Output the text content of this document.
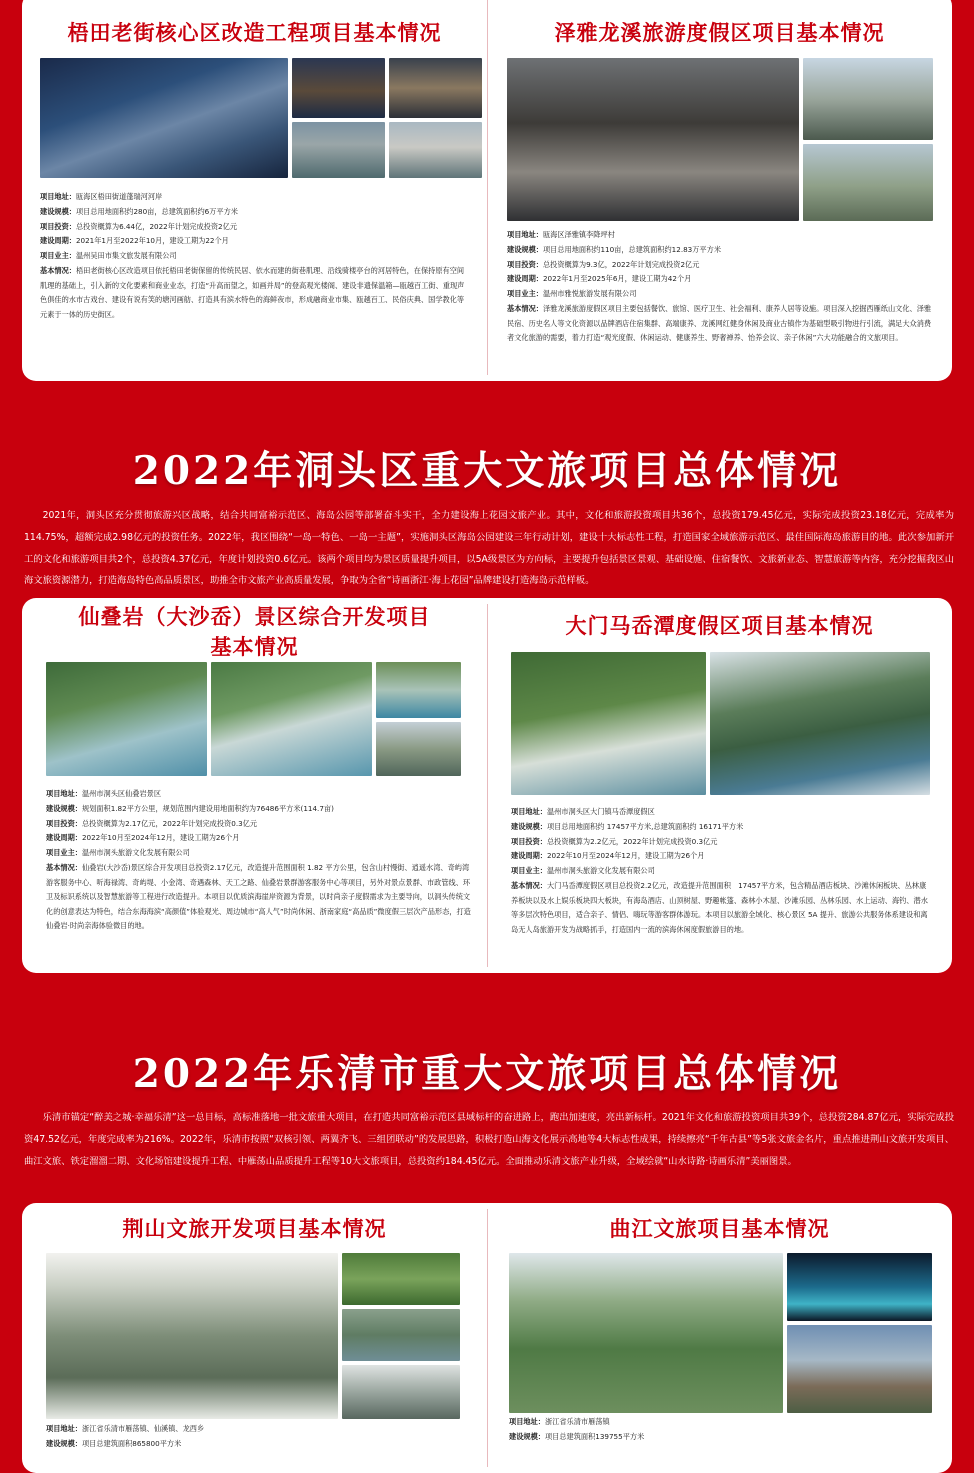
梧田老街核心区改造工程项目基本情况
项目地址：瓯海区梧田街道蓬瑞河河岸
建设规模：项目总用地面积约280亩，总建筑面积约6万平方米
项目投资：总投资概算为6.44亿，2022年计划完成投资2亿元
建设周期：2021年1月至2022年10月，建设工期为22个月
项目业主：温州吴田市集文旅发展有限公司
基本情况：梧田老街核心区改造项目依托梧田老街保留的传统民居、依水而建的街巷肌理、沿线骑楼亭台的河居特色，在保持原有空间肌理的基础上，引入新的文化要素和商业业态，打造“升高而望之，如画并局”的登高观光楼阁、建设非遗保温箱—瓯越百工街、重现声色俱佳的水市古戏台、建设有说有笑的塘河画舫、打造具有滨水特色的海鲜夜市，形成融商业市集、瓯越百工、民俗庆典、国学教化等元素于一体的历史街区。
泽雅龙溪旅游度假区项目基本情况
项目地址：瓯海区泽雅镇李降坪村
建设规模：项目总用地面积约110亩，总建筑面积约12.83万平方米
项目投资：总投资概算为9.3亿，2022年计划完成投资2亿元
建设周期：2022年1月至2025年6月，建设工期为42个月
项目业主：温州市雅悦旅游发展有限公司
基本情况：泽雅龙溪旅游度假区项目主要包括餐饮、旅馆、医疗卫生、社会福利、康养人居等设施。项目深入挖掘西雁纸山文化、泽雅民宿、历史名人等文化资源以品牌酒店住宿集群、高端康养、龙溪网红健身休闲及商业古镇作为基础型吸引物进行引流，满足大众消费者文化旅游的需要，着力打造“观光度假、休闲运动、健康养生、野奢禅养、怡养会议、亲子休闲”六大功能融合的文旅项目。
2022年洞头区重大文旅项目总体情况
2021年，洞头区充分贯彻旅游兴区战略，结合共同富裕示范区、海岛公园等部署奋斗实干，全力建设海上花园文旅产业。其中，文化和旅游投资项目共36个，总投资179.45亿元，实际完成投资23.18亿元，完成率为114.75%，超额完成2.98亿元的投资任务。2022年，我区围绕“一岛一特色、一岛一主题”，实施洞头区海岛公园建设三年行动计划，建设十大标志性工程，打造国家全域旅游示范区、最佳国际海岛旅游目的地。此次参加新开工的文化和旅游项目共2个，总投资4.37亿元，年度计划投资0.6亿元。该两个项目均为景区质量提升项目，以5A级景区为方向标，主要提升包括景区景观、基础设施、住宿餐饮、文旅新业态、智慧旅游等内容，充分挖掘我区山海文旅资源潜力，打造海岛特色高品质景区，助推全市文旅产业高质量发展，争取为全省“诗画浙江·海上花园”品牌建设打造海岛示范样板。
仙叠岩（大沙岙）景区综合开发项目
基本情况
项目地址：温州市洞头区仙叠岩景区
建设规模：规划面积1.82平方公里，规划范围内建设用地面积约为76486平方米(114.7亩)
项目投资：总投资概算为2.17亿元，2022年计划完成投资0.3亿元
建设周期：2022年10月至2024年12月，建设工期为26个月
项目业主：温州市洞头旅游文化发展有限公司
基本情况：仙叠岩(大沙岙)景区综合开发项目总投资2.17亿元，改造提升范围面积 1.82 平方公里，包含山村慢街、逍遥水湾、奇屿湾游客服务中心、听海禄湾、奇屿堤、小金湾、奇遇森林、天工之路、仙叠岩景群游客服务中心等项目，另外对景点景群、市政管线、环卫及标识系统以及智慧旅游等工程进行改造提升。本项目以优质滨海崖岸资源为背景，以时尚亲子度假需求为主要导向，以洞头传统文化的创意表达为特色，结合东海海滨“高颜值”体验观光、周边城市“高人气”时尚休闲、浙南家庭“高品质”微度假三层次产品形态，打造仙叠岩·时尚亲海体验微目的地。
大门马岙潭度假区项目基本情况
项目地址：温州市洞头区大门镇马岙潭度假区
建设规模：项目总用地面积约 17457平方米,总建筑面积约 16171平方米
项目投资：总投资概算为2.2亿元，2022年计划完成投资0.3亿元
建设周期：2022年10月至2024年12月，建设工期为26个月
项目业主：温州市洞头旅游文化发展有限公司
基本情况：大门马岙潭度假区项目总投资2.2亿元，改造提升范围面积　17457平方米，包含精品酒店板块、沙滩休闲板块、丛林康养板块以及水上娱乐板块四大板块，有海岛酒店、山顶树屋、野趣帐篷、森林小木屋、沙滩乐园、丛林乐园、水上运动、海钓、潜水等多层次特色项目，适合亲子、情侣、嗨玩等游客群体游玩。本项目以旅游全域化、核心景区 5A 提升、旅游公共服务体系建设和离岛无人岛旅游开发为战略抓手，打造国内一流的滨海休闲度假旅游目的地。
2022年乐清市重大文旅项目总体情况
乐清市锚定“醉美之城·幸福乐清”这一总目标，高标准落地一批文旅重大项目，在打造共同富裕示范区县域标杆的奋进路上，跑出加速度，亮出新标杆。2021年文化和旅游投资项目共39个，总投资284.87亿元，实际完成投资47.52亿元，年度完成率为216%。2022年，乐清市按照“双核引领、两翼齐飞、三组团联动”的发展思路，积极打造山海文化展示高地等4大标志性成果，持续擦亮“千年古县”等5张文旅金名片，重点推进荆山文旅开发项目、曲江文旅、铁定溜溜二期、文化场馆建设提升工程、中雁荡山品质提升工程等10大文旅项目，总投资约184.45亿元。全面推动乐清文旅产业升级，全域绘就“山水诗路·诗画乐清”美丽图景。
荆山文旅开发项目基本情况
项目地址：浙江省乐清市雁荡镇、仙溪镇、龙西乡
建设规模：项目总建筑面积865800平方米
曲江文旅项目基本情况
项目地址：浙江省乐清市雁荡镇
建设规模：项目总建筑面积139755平方米
